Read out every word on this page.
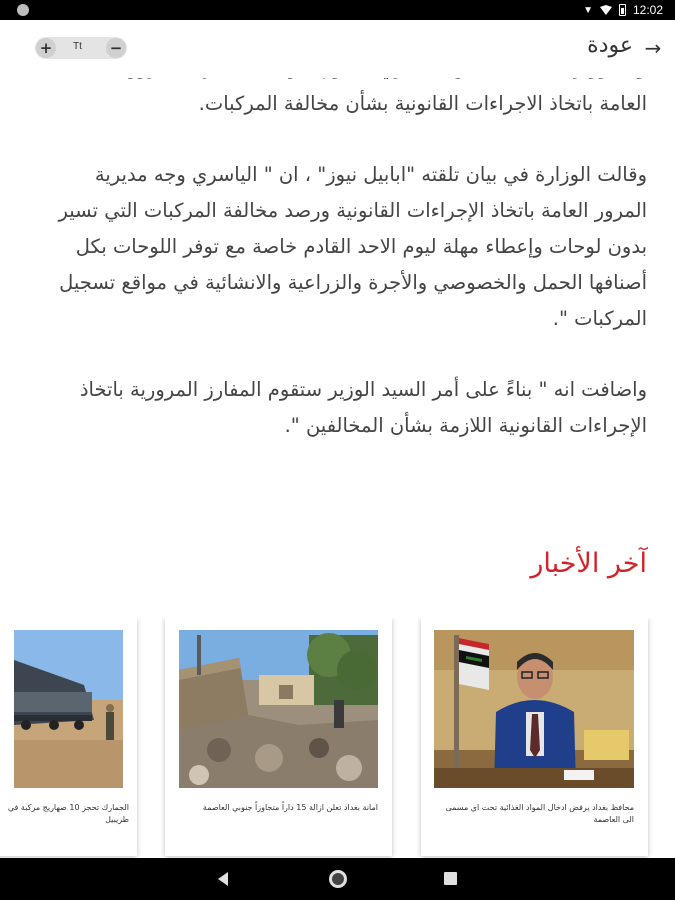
▼	12:02
→
عودة
+	Tt −

العامة باتخاذ الاجراءات القانونية بشأن مخالفة المركبات.
وقالت الوزارة في بيان تلقته "ابابيل نيوز" ، ان " الياسري وجه مديرية المرور العامة باتخاذ الإجراءات القانونية ورصد مخالفة المركبات التي تسير بدون لوحات وإعطاء مهلة ليوم الاحد القادم خاصة مع توفر اللوحات بكل أصنافها الحمل والخصوصي والأجرة والزراعية والانشائية في مواقع تسجيل المركبات ".
واضافت انه " بناءً على أمر السيد الوزير ستقوم المفارز المرورية باتخاذ الإجراءات القانونية اللازمة بشأن المخالفين ".
آخر الأخبار
محافظ بغداد يرفض ادخال المواد الغذائية تحت اي مسمى الى العاصمة
امانة بغداد تعلن ازالة 15 داراً متجاوزاً جنوبي العاصمة
الجمارك تحجز 10 صهاريج مركبة في طريبيل
